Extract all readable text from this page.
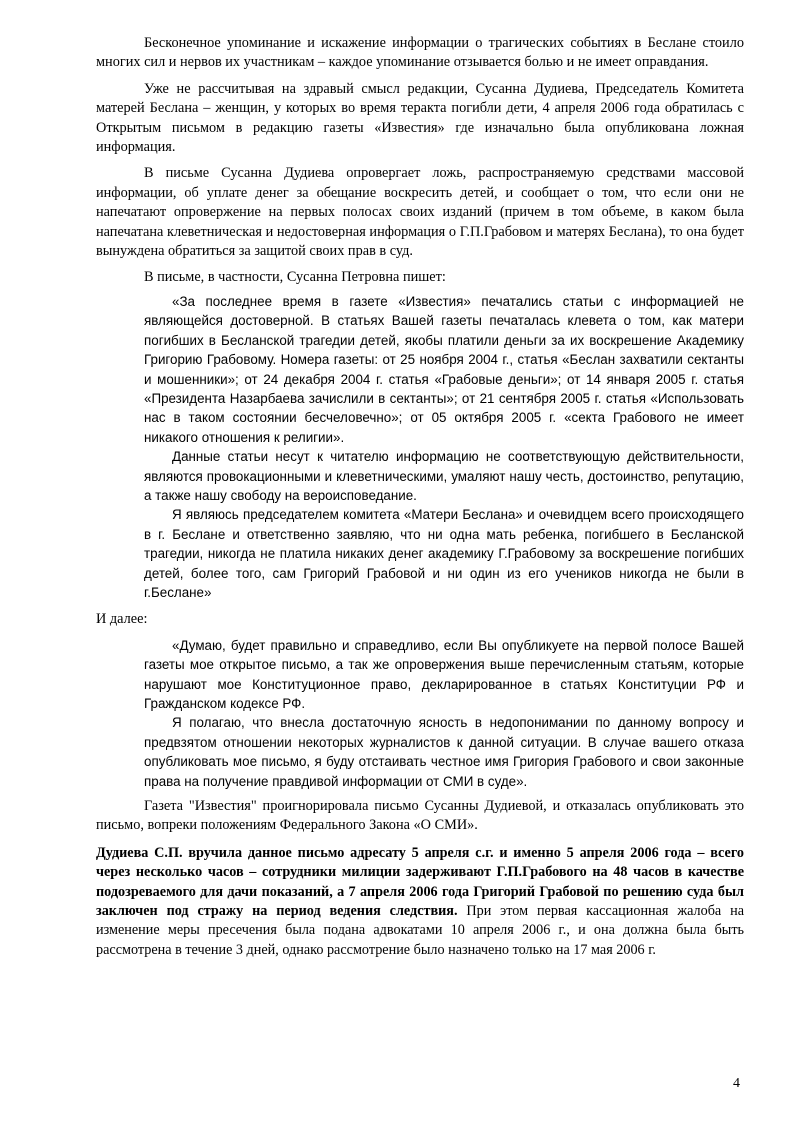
Бесконечное упоминание и искажение информации о трагических событиях в Беслане стоило многих сил и нервов их участникам – каждое упоминание отзывается болью и не имеет оправдания.

Уже не рассчитывая на здравый смысл редакции, Сусанна Дудиева, Председатель Комитета матерей Беслана – женщин, у которых во время теракта погибли дети, 4 апреля 2006 года обратилась с Открытым письмом в редакцию газеты «Известия» где изначально была опубликована ложная информация.

В письме Сусанна Дудиева опровергает ложь, распространяемую средствами массовой информации, об уплате денег за обещание воскресить детей, и сообщает о том, что если они не напечатают опровержение на первых полосах своих изданий (причем в том объеме, в каком была напечатана клеветническая и недостоверная информация о Г.П.Грабовом и матерях Беслана), то она будет вынуждена обратиться за защитой своих прав в суд.

В письме, в частности, Сусанна Петровна пишет:

«За последнее время в газете «Известия» печатались статьи с информацией не являющейся достоверной. В статьях Вашей газеты печаталась клевета о том, как матери погибших в Бесланской трагедии детей, якобы платили деньги за их воскрешение Академику Григорию Грабовому. Номера газеты: от 25 ноября 2004 г., статья «Беслан захватили сектанты и мошенники»; от 24 декабря 2004 г. статья «Грабовые деньги»; от 14 января 2005 г. статья «Президента Назарбаева зачислили в сектанты»; от 21 сентября 2005 г. статья «Использовать нас в таком состоянии бесчеловечно»; от 05 октября 2005 г. «секта Грабового не имеет никакого отношения к религии».

Данные статьи несут к читателю информацию не соответствующую действительности, являются провокационными и клеветническими, умаляют нашу честь, достоинство, репутацию, а также нашу свободу на вероисповедание.

Я являюсь председателем комитета «Матери Беслана» и очевидцем всего происходящего в г. Беслане и ответственно заявляю, что ни одна мать ребенка, погибшего в Бесланской трагедии, никогда не платила никаких денег академику Г.Грабовому за воскрешение погибших детей, более того, сам Григорий Грабовой и ни один из его учеников никогда не были в г.Беслане»

И далее:

«Думаю, будет правильно и справедливо, если Вы опубликуете на первой полосе Вашей газеты мое открытое письмо, а так же опровержения выше перечисленным статьям, которые нарушают мое Конституционное право, декларированное в статьях Конституции РФ и Гражданском кодексе РФ.

Я полагаю, что внесла достаточную ясность в недопонимании по данному вопросу и предвзятом отношении некоторых журналистов к данной ситуации. В случае вашего отказа опубликовать мое письмо, я буду отстаивать честное имя Григория Грабового и свои законные права на получение правдивой информации от СМИ в суде».

Газета "Известия" проигнорировала письмо Сусанны Дудиевой, и отказалась опубликовать это письмо, вопреки положениям Федерального Закона «О СМИ».

Дудиева С.П. вручила данное письмо адресату 5 апреля с.г. и именно 5 апреля 2006 года – всего через несколько часов – сотрудники милиции задерживают Г.П.Грабового на 48 часов в качестве подозреваемого для дачи показаний, а 7 апреля 2006 года Григорий Грабовой по решению суда был заключен под стражу на период ведения следствия. При этом первая кассационная жалоба на изменение меры пресечения была подана адвокатами 10 апреля 2006 г., и она должна была быть рассмотрена в течение 3 дней, однако рассмотрение было назначено только на 17 мая 2006 г.

4
